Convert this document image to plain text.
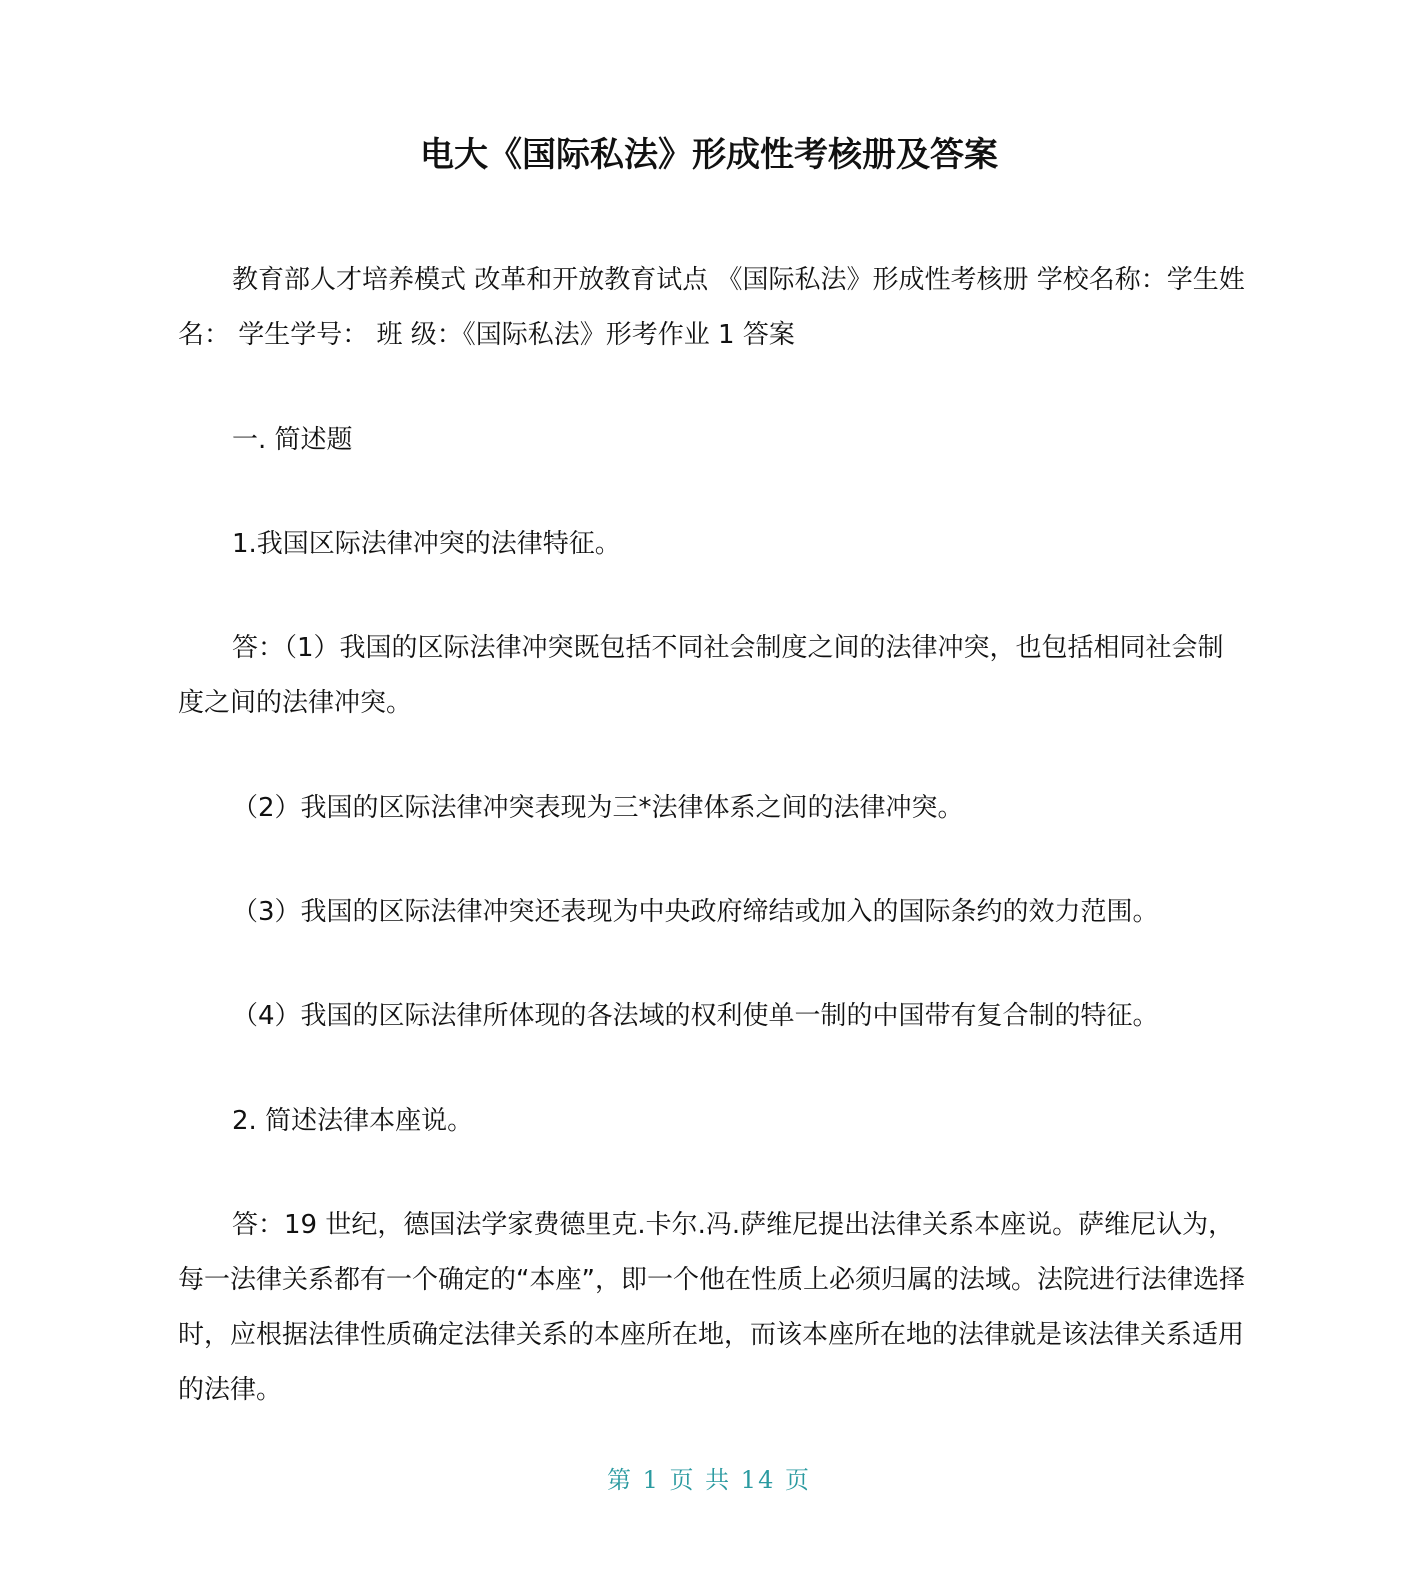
电大《国际私法》形成性考核册及答案

教育部人才培养模式 改革和开放教育试点 《国际私法》形成性考核册 学校名称：学生姓名： 学生学号： 班 级：《国际私法》形考作业 1 答案

一. 简述题

1.我国区际法律冲突的法律特征。

答：（1）我国的区际法律冲突既包括不同社会制度之间的法律冲突，也包括相同社会制度之间的法律冲突。

（2）我国的区际法律冲突表现为三*法律体系之间的法律冲突。

（3）我国的区际法律冲突还表现为中央政府缔结或加入的国际条约的效力范围。

（4）我国的区际法律所体现的各法域的权利使单一制的中国带有复合制的特征。

2. 简述法律本座说。

答：19 世纪，德国法学家费德里克.卡尔.冯.萨维尼提出法律关系本座说。萨维尼认为，每一法律关系都有一个确定的“本座”，即一个他在性质上必须归属的法域。法院进行法律选择时，应根据法律性质确定法律关系的本座所在地，而该本座所在地的法律就是该法律关系适用的法律。

第 1 页 共 14 页
